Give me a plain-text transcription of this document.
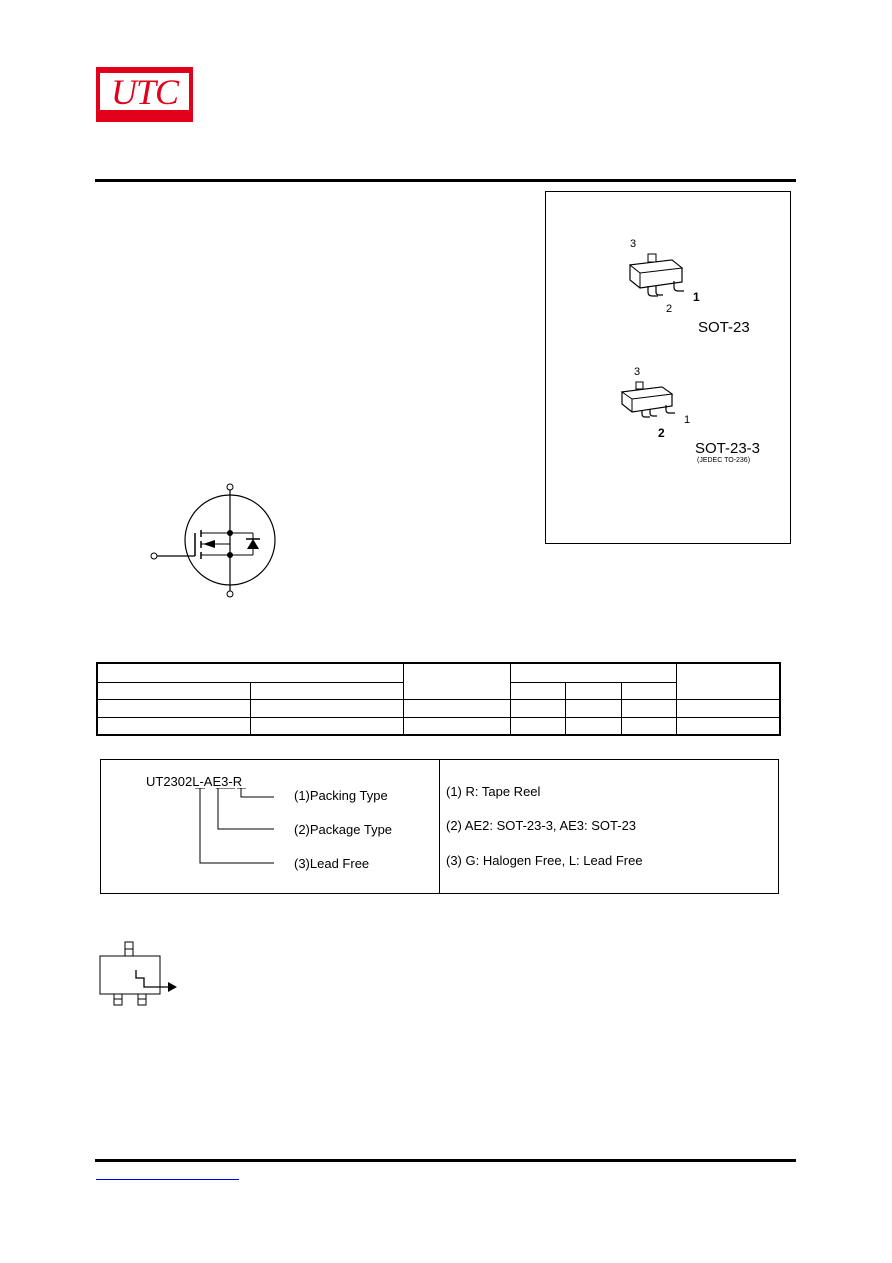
UTC
3
2
1
SOT-23
3
2
1
SOT-23-3
(JEDEC TO-236)

UT2302L-AE3-R
(1)Packing Type
(2)Package Type
(3)Lead Free
(1) R: Tape Reel
(2) AE2: SOT-23-3, AE3: SOT-23
(3) G: Halogen Free, L: Lead Free
